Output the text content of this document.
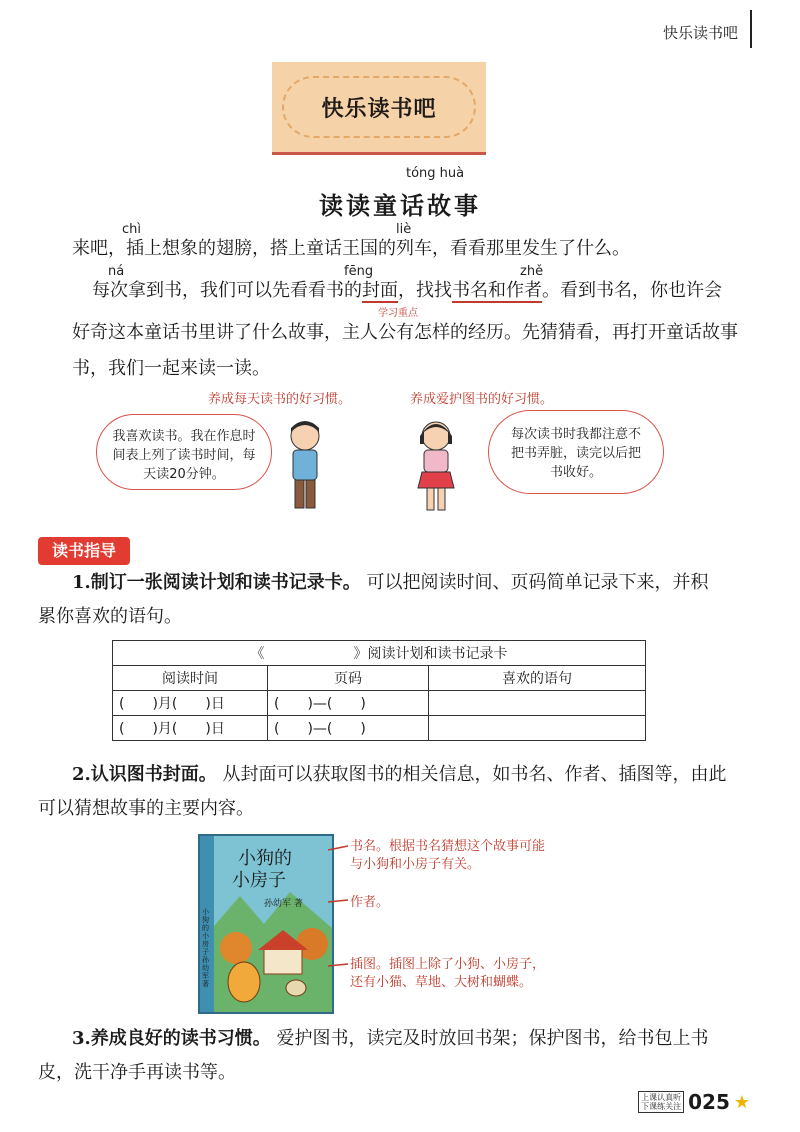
快乐读书吧
快乐读书吧
tóng huà
读读童话故事
chì	liè
来吧，插上想象的翅膀，搭上童话王国的列车，看看那里发生了什么。
ná	fēng	zhě
每次拿到书，我们可以先看看书的封面，找找书名和作者。看到书名，你也许会
学习重点
好奇这本童话书里讲了什么故事，主人公有怎样的经历。先猜猜看，再打开童话故事
书，我们一起来读一读。
养成每天读书的好习惯。
我喜欢读书。我在作息时间表上列了读书时间，每天读20分钟。
养成爱护图书的好习惯。
每次读书时我都注意不把书弄脏，读完以后把书收好。
读书指导
1.制订一张阅读计划和读书记录卡。 可以把阅读时间、页码简单记录下来，并积
累你喜欢的语句。
《 》阅读计划和读书记录卡		
阅读时间	页码	喜欢的语句
(　　)月(　　)日	(　　)—(　　)	
(　　)月(　　)日	(　　)—(　　)	
2.认识图书封面。 从封面可以获取图书的相关信息，如书名、作者、插图等，由此
可以猜想故事的主要内容。
小狗的
小房子
孙幼军 著
小狗的小房子 孙幼军 著
书名。根据书名猜想这个故事可能
与小狗和小房子有关。
作者。
插图。插图上除了小狗、小房子，
还有小猫、草地、大树和蝴蝶。
3.养成良好的读书习惯。 爱护图书，读完及时放回书架；保护图书，给书包上书
皮，洗干净手再读书等。
上课认真听
下课练关注 025 ★
